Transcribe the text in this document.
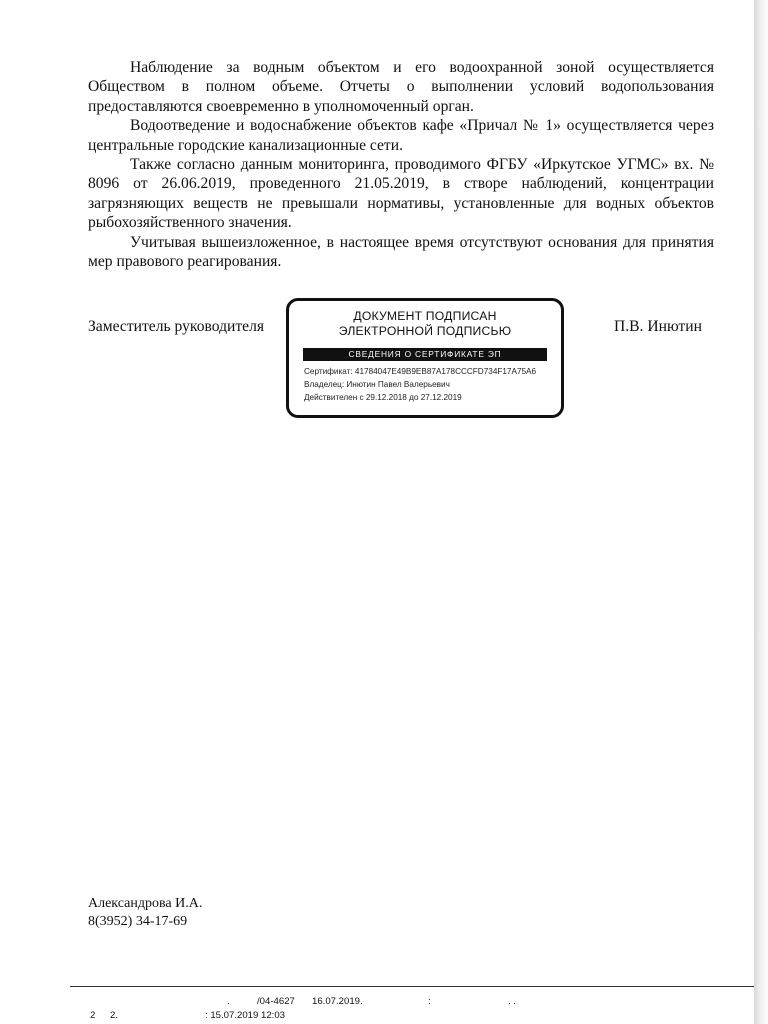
Наблюдение за водным объектом и его водоохранной зоной осуществляется Обществом в полном объеме. Отчеты о выполнении условий водопользования предоставляются своевременно в уполномоченный орган.

Водоотведение и водоснабжение объектов кафе «Причал № 1» осуществляется через центральные городские канализационные сети.

Также согласно данным мониторинга, проводимого ФГБУ «Иркутское УГМС» вх. № 8096 от 26.06.2019, проведенного 21.05.2019, в створе наблюдений, концентрации загрязняющих веществ не превышали нормативы, установленные для водных объектов рыбохозяйственного значения.

Учитывая вышеизложенное, в настоящее время отсутствуют основания для принятия мер правового реагирования.

Заместитель руководителя	П.В. Инютин
ДОКУМЕНТ ПОДПИСАН
ЭЛЕКТРОННОЙ ПОДПИСЬЮ
СВЕДЕНИЯ О СЕРТИФИКАТЕ ЭП
Сертификат: 41784047E49B9EB87A178CCCFD734F17A75A6
Владелец: Инютин Павел Валерьевич
Действителен с 29.12.2018 до 27.12.2019
Александрова И.А.
8(3952) 34-17-69
.	/04-4627 16.07.2019.	:	. .
2 2.	: 15.07.2019 12:03
